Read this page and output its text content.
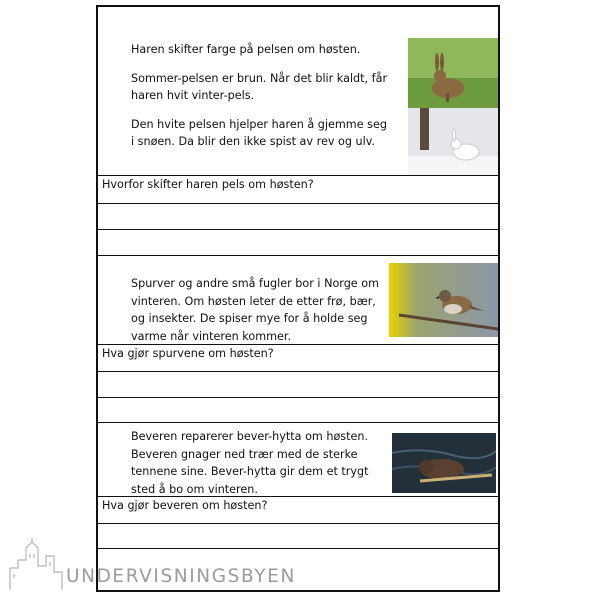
Haren skifter farge på pelsen om høsten.

Sommer-pelsen er brun. Når det blir kaldt, får haren hvit vinter-pels.

Den hvite pelsen hjelper haren å gjemme seg i snøen. Da blir den ikke spist av rev og ulv.

Hvorfor skifter haren pels om høsten?

Spurver og andre små fugler bor i Norge om vinteren. Om høsten leter de etter frø, bær, og insekter. De spiser mye for å holde seg varme når vinteren kommer.

Hva gjør spurvene om høsten?

Beveren reparerer bever-hytta om høsten. Beveren gnager ned trær med de sterke tennene sine. Bever-hytta gir dem et trygt sted å bo om vinteren.

Hva gjør beveren om høsten?
UNDERVISNINGSBYEN
